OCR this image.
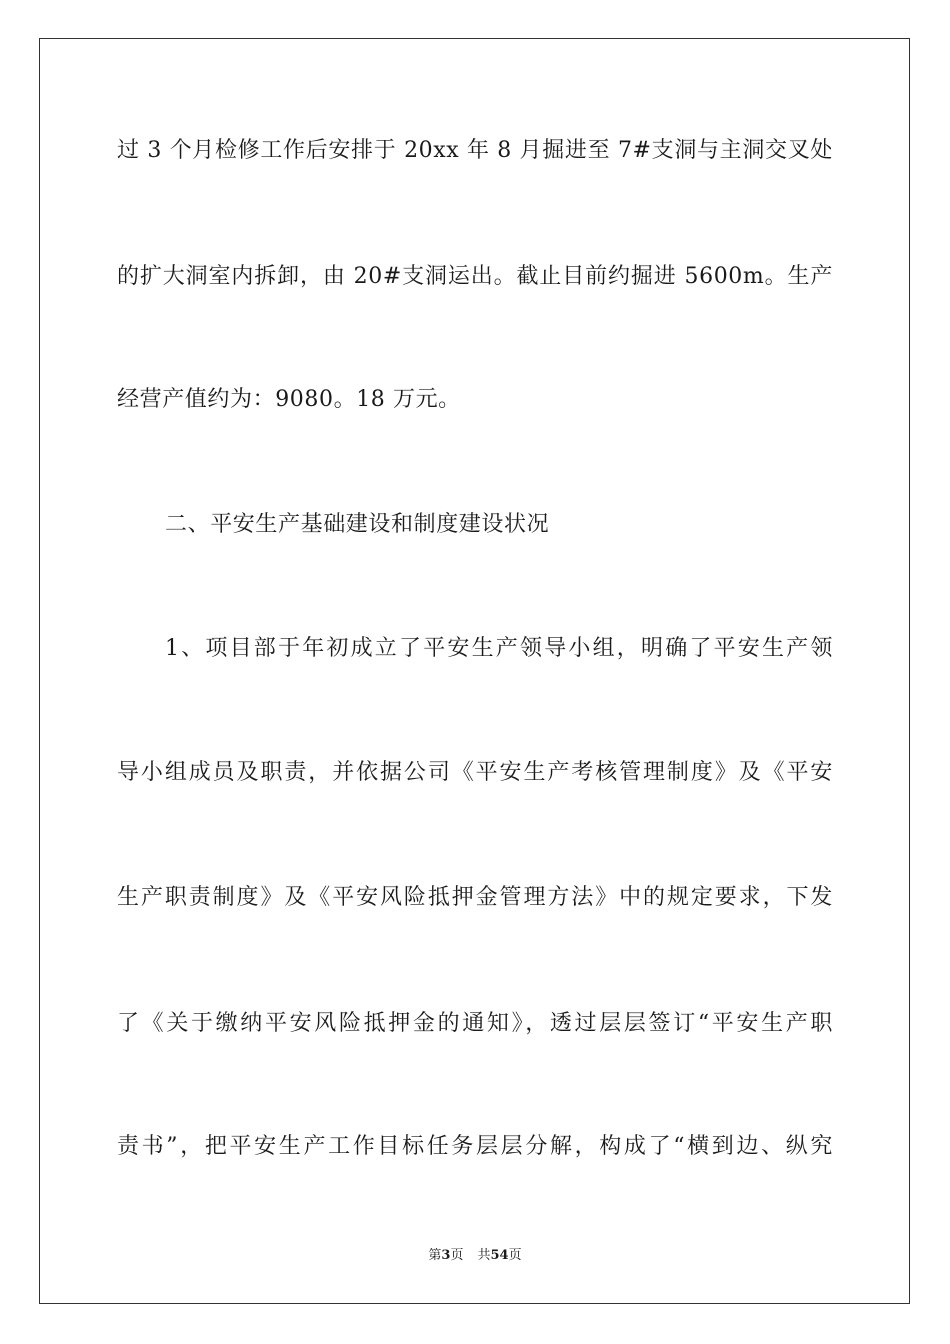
过 3 个月检修工作后安排于 20xx 年 8 月掘进至 7#支洞与主洞交叉处
的扩大洞室内拆卸，由 20#支洞运出。截止目前约掘进 5600m。生产
经营产值约为：9080。18 万元。
二、平安生产基础建设和制度建设状况
1、项目部于年初成立了平安生产领导小组，明确了平安生产领
导小组成员及职责，并依据公司《平安生产考核管理制度》及《平安
生产职责制度》及《平安风险抵押金管理方法》中的规定要求，下发
了《关于缴纳平安风险抵押金的通知》，透过层层签订“平安生产职
责书”，把平安生产工作目标任务层层分解，构成了“横到边、纵究
第3页 共54页
